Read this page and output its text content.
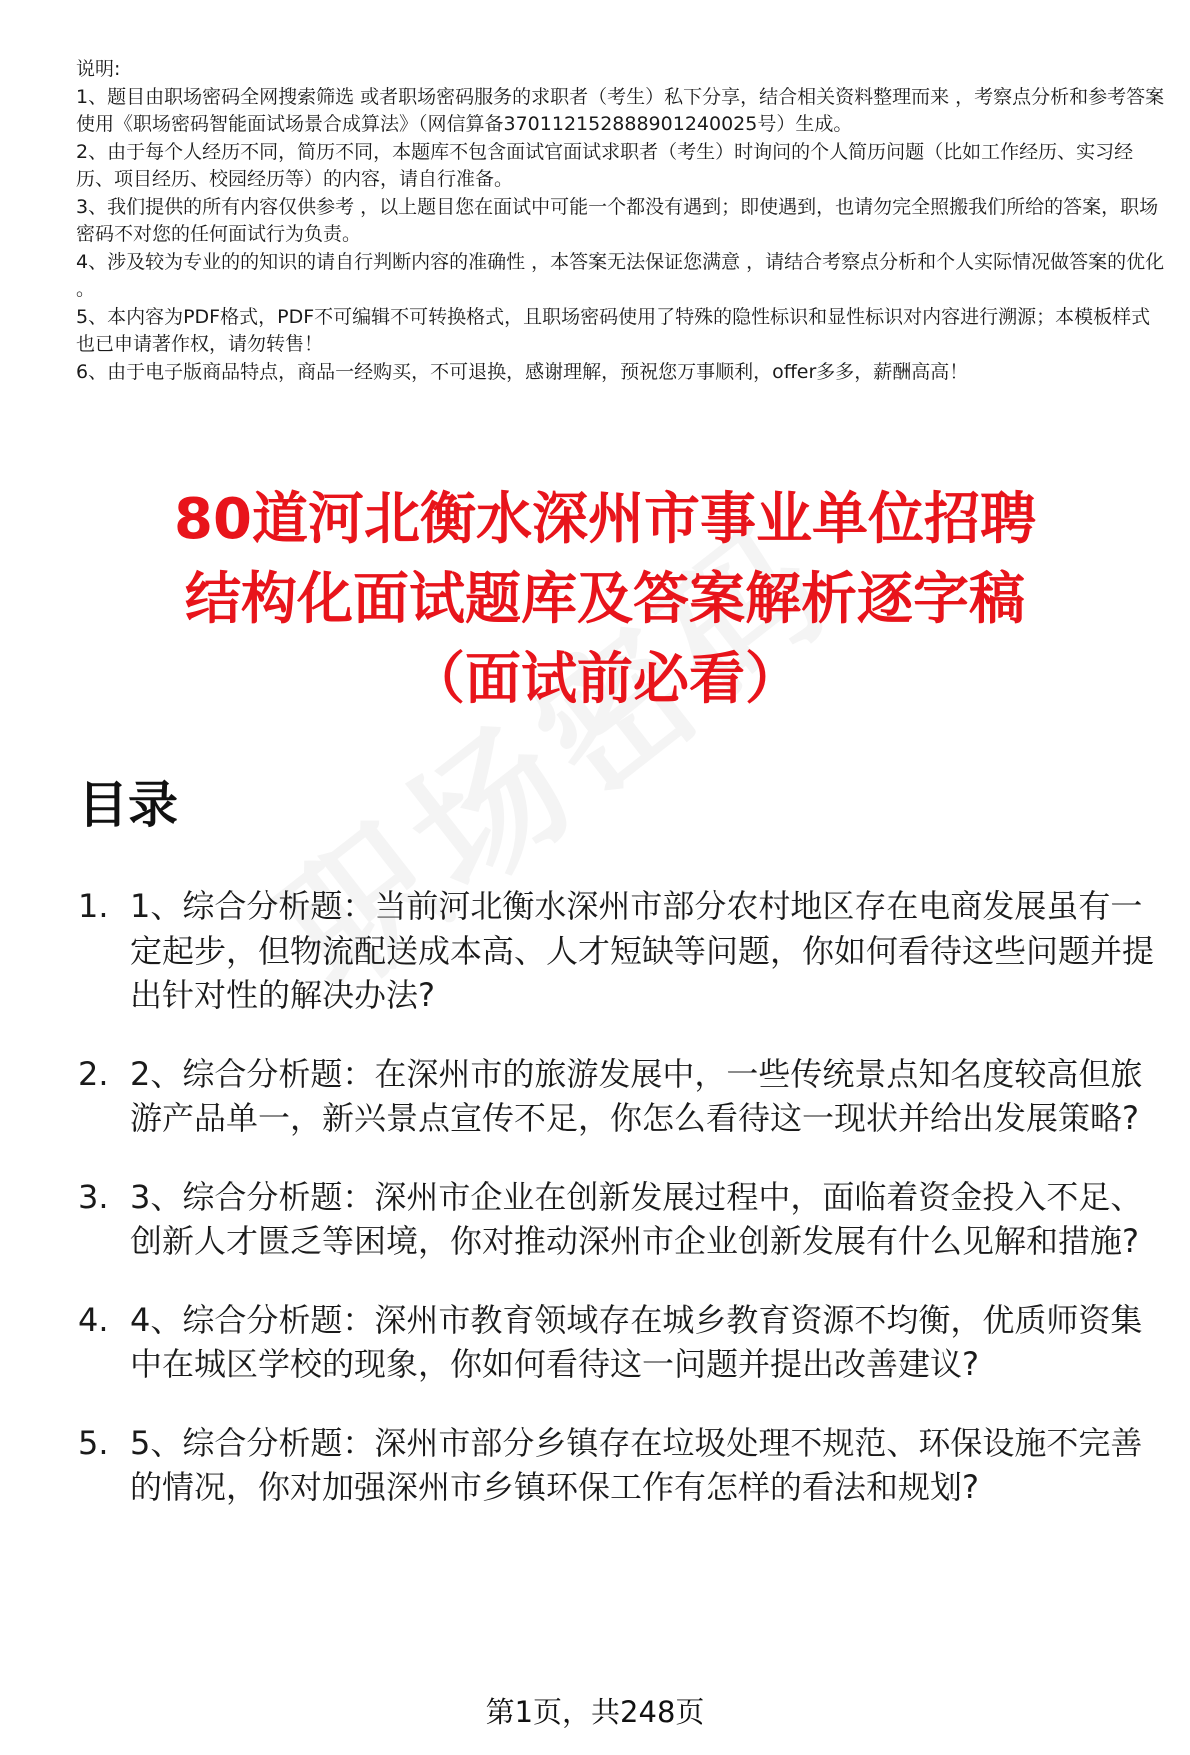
说明:

1、题目由职场密码全网搜索筛选 或者职场密码服务的求职者（考生）私下分享，结合相关资料整理而来 ，考察点分析和参考答案使用《职场密码智能面试场景合成算法》（网信算备370112152888901240025号）生成。

2、由于每个人经历不同，简历不同，本题库不包含面试官面试求职者（考生）时询问的个人简历问题（比如工作经历、实习经历、项目经历、校园经历等）的内容，请自行准备。

3、我们提供的所有内容仅供参考 ，以上题目您在面试中可能一个都没有遇到；即使遇到，也请勿完全照搬我们所给的答案，职场密码不对您的任何面试行为负责。

4、涉及较为专业的的知识的请自行判断内容的准确性 ，本答案无法保证您满意 ，请结合考察点分析和个人实际情况做答案的优化 。

5、本内容为PDF格式，PDF不可编辑不可转换格式，且职场密码使用了特殊的隐性标识和显性标识对内容进行溯源；本模板样式也已申请著作权，请勿转售！

6、由于电子版商品特点，商品一经购买，不可退换，感谢理解，预祝您万事顺利，offer多多，薪酬高高！

80道河北衡水深州市事业单位招聘
结构化面试题库及答案解析逐字稿
（面试前必看）
目录
1. 1、综合分析题：当前河北衡水深州市部分农村地区存在电商发展虽有一定起步，但物流配送成本高、人才短缺等问题，你如何看待这些问题并提出针对性的解决办法?
2. 2、综合分析题：在深州市的旅游发展中，一些传统景点知名度较高但旅游产品单一，新兴景点宣传不足，你怎么看待这一现状并给出发展策略?
3. 3、综合分析题：深州市企业在创新发展过程中，面临着资金投入不足、创新人才匮乏等困境，你对推动深州市企业创新发展有什么见解和措施?
4. 4、综合分析题：深州市教育领域存在城乡教育资源不均衡，优质师资集中在城区学校的现象，你如何看待这一问题并提出改善建议?
5. 5、综合分析题：深州市部分乡镇存在垃圾处理不规范、环保设施不完善的情况，你对加强深州市乡镇环保工作有怎样的看法和规划?
第1页，共248页
